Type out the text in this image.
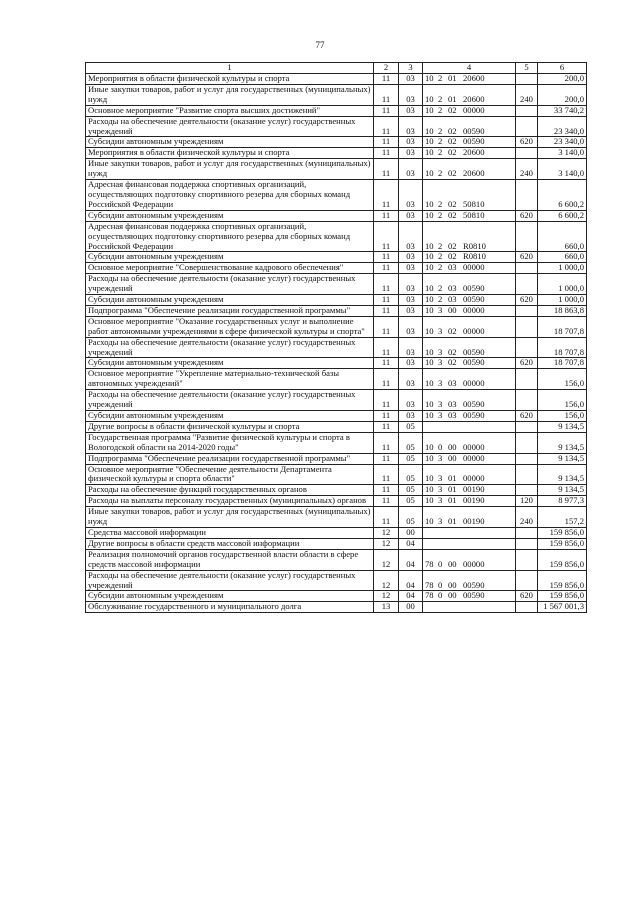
77
1	2	3	4	5	6
Мероприятия в области физической культуры и спорта	11	03	10 2 01 20600		200,0
Иные закупки товаров, работ и услуг для государственных (муниципальных) нужд	11	03	10 2 01 20600	240	200,0
Основное мероприятие "Развитие спорта высших достижений"	11	03	10 2 02 00000		33 740,2
Расходы на обеспечение деятельности (оказание услуг) государственных учреждений	11	03	10 2 02 00590		23 340,0
Субсидии автономным учреждениям	11	03	10 2 02 00590	620	23 340,0
Мероприятия в области физической культуры и спорта	11	03	10 2 02 20600		3 140,0
Иные закупки товаров, работ и услуг для государственных (муниципальных) нужд	11	03	10 2 02 20600	240	3 140,0
Адресная финансовая поддержка спортивных организаций, осуществляющих подготовку спортивного резерва для сборных команд Российской Федерации	11	03	10 2 02 50810		6 600,2
Субсидии автономным учреждениям	11	03	10 2 02 50810	620	6 600,2
Адресная финансовая поддержка спортивных организаций, осуществляющих подготовку спортивного резерва для сборных команд Российской Федерации	11	03	10 2 02 R0810		660,0
Субсидии автономным учреждениям	11	03	10 2 02 R0810	620	660,0
Основное мероприятие "Совершенствование кадрового обеспечения"	11	03	10 2 03 00000		1 000,0
Расходы на обеспечение деятельности (оказание услуг) государственных учреждений	11	03	10 2 03 00590		1 000,0
Субсидии автономным учреждениям	11	03	10 2 03 00590	620	1 000,0
Подпрограмма "Обеспечение реализации государственной программы"	11	03	10 3 00 00000		18 863,8
Основное мероприятие "Оказание государственных услуг и выполнение работ автономными учреждениями в сфере физической культуры и спорта"	11	03	10 3 02 00000		18 707,8
Расходы на обеспечение деятельности (оказание услуг) государственных учреждений	11	03	10 3 02 00590		18 707,8
Субсидии автономным учреждениям	11	03	10 3 02 00590	620	18 707,8
Основное мероприятие "Укрепление материально-технической базы автономных учреждений"	11	03	10 3 03 00000		156,0
Расходы на обеспечение деятельности (оказание услуг) государственных учреждений	11	03	10 3 03 00590		156,0
Субсидии автономным учреждениям	11	03	10 3 03 00590	620	156,0
Другие вопросы в области физической культуры и спорта	11	05			9 134,5
Государственная программа "Развитие физической культуры и спорта в Вологодской области на 2014-2020 годы"	11	05	10 0 00 00000		9 134,5
Подпрограмма "Обеспечение реализации государственной программы"	11	05	10 3 00 00000		9 134,5
Основное мероприятие "Обеспечение деятельности Департамента физической культуры и спорта области"	11	05	10 3 01 00000		9 134,5
Расходы на обеспечение функций государственных органов	11	05	10 3 01 00190		9 134,5
Расходы на выплаты персоналу государственных (муниципальных) органов	11	05	10 3 01 00190	120	8 977,3
Иные закупки товаров, работ и услуг для государственных (муниципальных) нужд	11	05	10 3 01 00190	240	157,2
Средства массовой информации	12	00			159 856,0
Другие вопросы в области средств массовой информации	12	04			159 856,0
Реализация полномочий органов государственной власти области в сфере средств массовой информации	12	04	78 0 00 00000		159 856,0
Расходы на обеспечение деятельности (оказание услуг) государственных учреждений	12	04	78 0 00 00590		159 856,0
Субсидии автономным учреждениям	12	04	78 0 00 00590	620	159 856,0
Обслуживание государственного и муниципального долга	13	00			1 567 001,3
